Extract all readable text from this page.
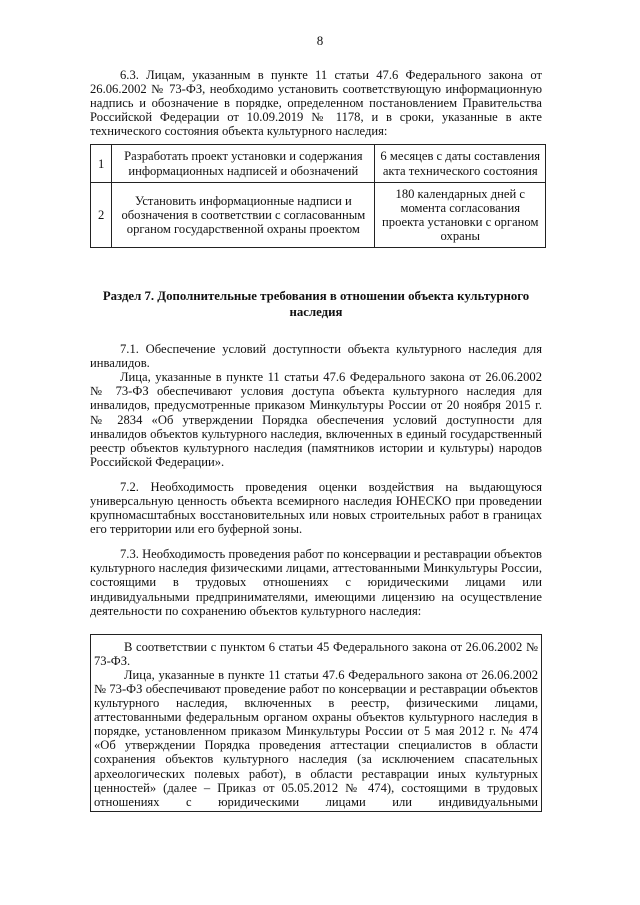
8

6.3. Лицам, указанным в пункте 11 статьи 47.6 Федерального закона от 26.06.2002 № 73-ФЗ, необходимо установить соответствующую информационную надпись и обозначение в порядке, определенном постановлением Правительства Российской Федерации от 10.09.2019 № 1178, и в сроки, указанные в акте технического состояния объекта культурного наследия:

1	Разработать проект установки и содержания информационных надписей и обозначений	6 месяцев с даты составления акта технического состояния
2	Установить информационные надписи и обозначения в соответствии с согласованным органом государственной охраны проектом	180 календарных дней с момента согласования проекта установки с органом охраны
Раздел 7. Дополнительные требования в отношении объекта культурного наследия

7.1. Обеспечение условий доступности объекта культурного наследия для инвалидов.

Лица, указанные в пункте 11 статьи 47.6 Федерального закона от 26.06.2002 № 73-ФЗ обеспечивают условия доступа объекта культурного наследия для инвалидов, предусмотренные приказом Минкультуры России от 20 ноября 2015 г. № 2834 «Об утверждении Порядка обеспечения условий доступности для инвалидов объектов культурного наследия, включенных в единый государственный реестр объектов культурного наследия (памятников истории и культуры) народов Российской Федерации».

7.2. Необходимость проведения оценки воздействия на выдающуюся универсальную ценность объекта всемирного наследия ЮНЕСКО при проведении крупномасштабных восстановительных или новых строительных работ в границах его территории или его буферной зоны.

7.3. Необходимость проведения работ по консервации и реставрации объектов культурного наследия физическими лицами, аттестованными Минкультуры России, состоящими в трудовых отношениях с юридическими лицами или индивидуальными предпринимателями, имеющими лицензию на осуществление деятельности по сохранению объектов культурного наследия:

В соответствии с пунктом 6 статьи 45 Федерального закона от 26.06.2002 № 73-ФЗ.

Лица, указанные в пункте 11 статьи 47.6 Федерального закона от 26.06.2002 № 73-ФЗ обеспечивают проведение работ по консервации и реставрации объектов культурного наследия, включенных в реестр, физическими лицами, аттестованными федеральным органом охраны объектов культурного наследия в порядке, установленном приказом Минкультуры России от 5 мая 2012 г. № 474 «Об утверждении Порядка проведения аттестации специалистов в области сохранения объектов культурного наследия (за исключением спасательных археологических полевых работ), в области реставрации иных культурных ценностей» (далее – Приказ от 05.05.2012 № 474), состоящими в трудовых отношениях с юридическими лицами или индивидуальными
